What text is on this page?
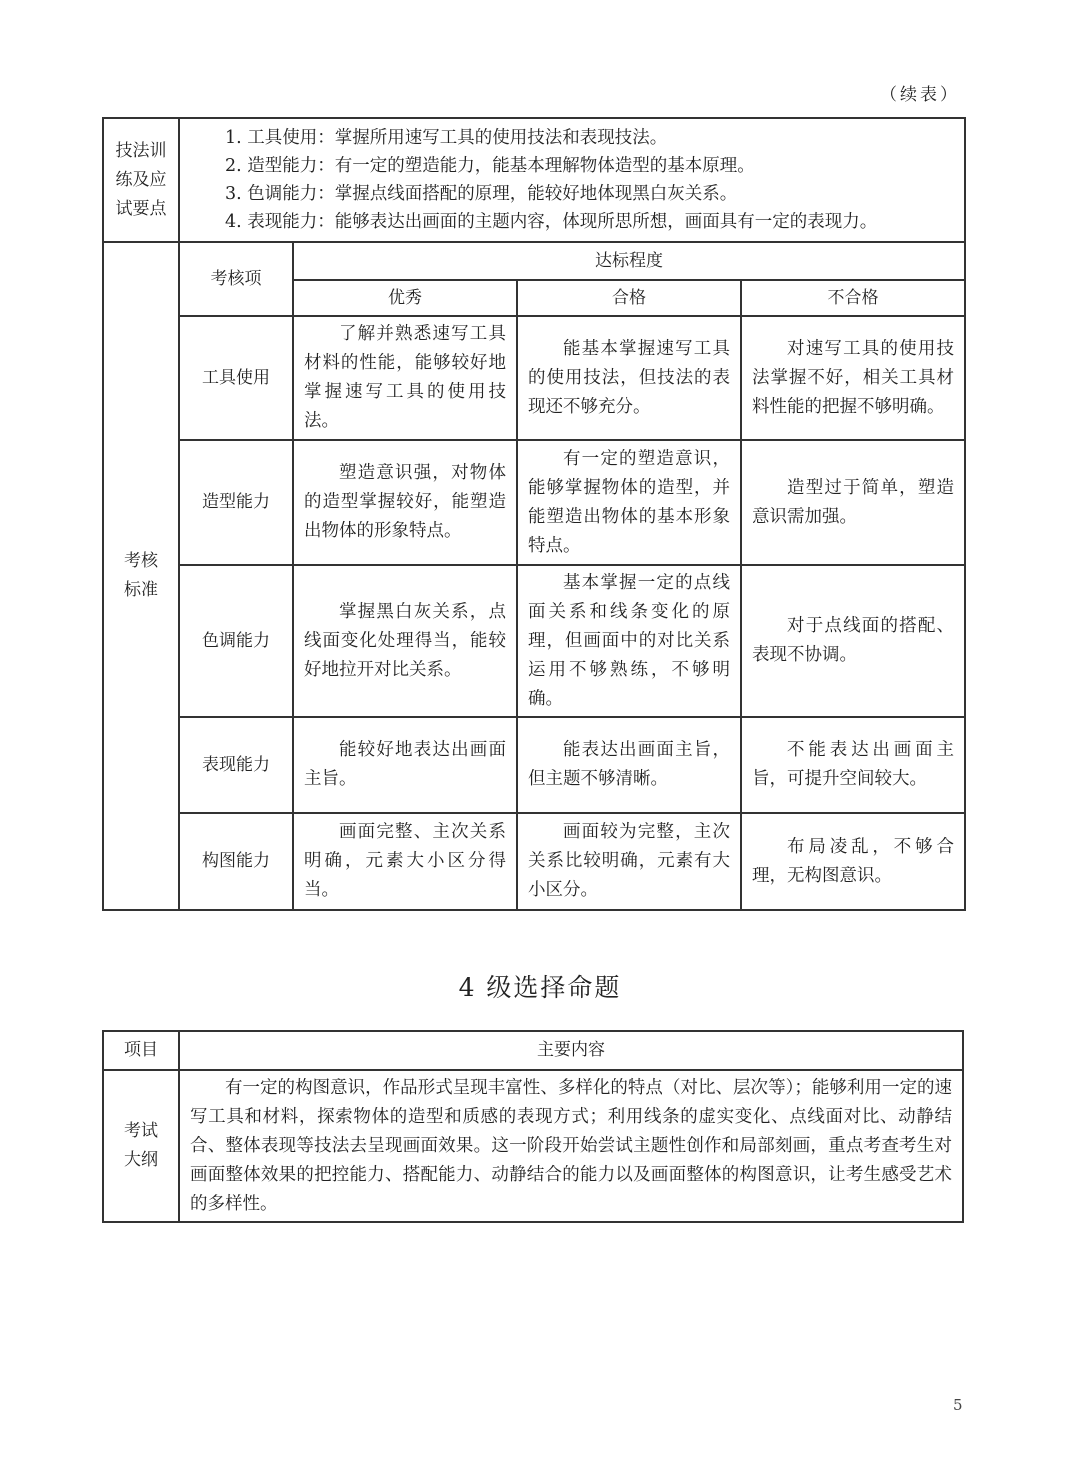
（续表）
技法训练及应试要点	1. 工具使用：掌握所用速写工具的使用技法和表现技法。
2. 造型能力：有一定的塑造能力，能基本理解物体造型的基本原理。
3. 色调能力：掌握点线面搭配的原理，能较好地体现黑白灰关系。
4. 表现能力：能够表达出画面的主题内容，体现所思所想，画面具有一定的表现力。			

考核标准	考核项	达标程度		
		优秀	合格	不合格
	工具使用	了解并熟悉速写工具材料的性能，能够较好地掌握速写工具的使用技法。	能基本掌握速写工具的使用技法，但技法的表现还不够充分。	对速写工具的使用技法掌握不好，相关工具材料性能的把握不够明确。
	造型能力	塑造意识强，对物体的造型掌握较好，能塑造出物体的形象特点。	有一定的塑造意识，能够掌握物体的造型，并能塑造出物体的基本形象特点。	造型过于简单，塑造意识需加强。
	色调能力	掌握黑白灰关系，点线面变化处理得当，能较好地拉开对比关系。	基本掌握一定的点线面关系和线条变化的原理，但画面中的对比关系运用不够熟练，不够明确。	对于点线面的搭配、表现不协调。
	表现能力	能较好地表达出画面主旨。	能表达出画面主旨，但主题不够清晰。	不能表达出画面主旨，可提升空间较大。
	构图能力	画面完整、主次关系明确，元素大小区分得当。	画面较为完整，主次关系比较明确，元素有大小区分。	布局凌乱，不够合理，无构图意识。
4 级选择命题
项目	主要内容
考试大纲	有一定的构图意识，作品形式呈现丰富性、多样化的特点（对比、层次等）；能够利用一定的速写工具和材料，探索物体的造型和质感的表现方式；利用线条的虚实变化、点线面对比、动静结合、整体表现等技法去呈现画面效果。这一阶段开始尝试主题性创作和局部刻画，重点考查考生对画面整体效果的把控能力、搭配能力、动静结合的能力以及画面整体的构图意识，让考生感受艺术的多样性。
5
